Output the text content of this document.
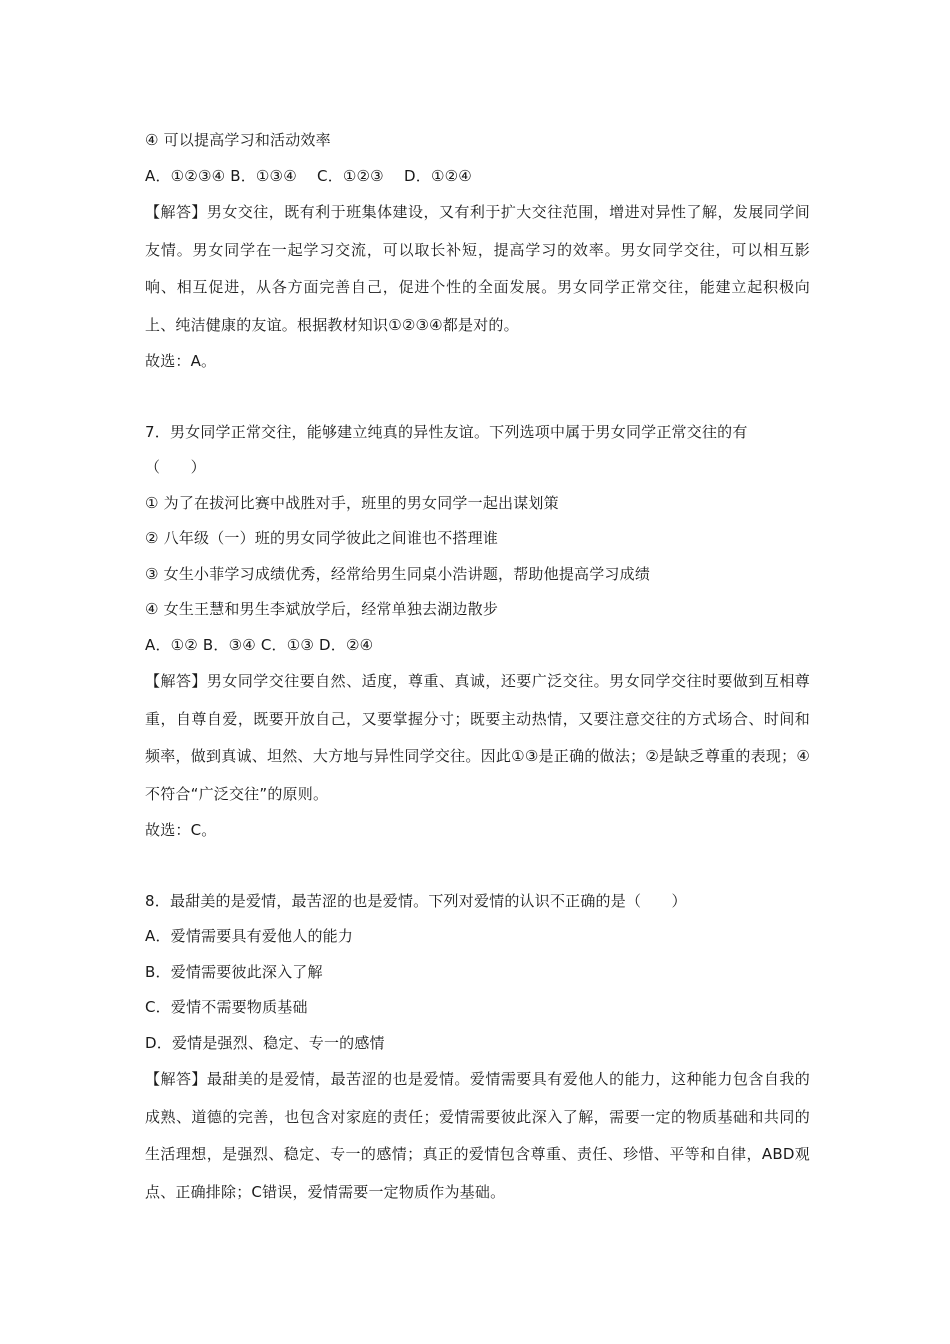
④ 可以提高学习和活动效率
A．①②③④ B．①③④　 C．①②③　 D．①②④
【解答】男女交往，既有利于班集体建设，又有利于扩大交往范围，增进对异性了解，发展同学间友情。男女同学在一起学习交流，可以取长补短，提高学习的效率。男女同学交往，可以相互影响、相互促进，从各方面完善自己，促进个性的全面发展。男女同学正常交往，能建立起积极向上、纯洁健康的友谊。根据教材知识①②③④都是对的。
故选：A。
7．男女同学正常交往，能够建立纯真的异性友谊。下列选项中属于男女同学正常交往的有
（　　）
① 为了在拔河比赛中战胜对手，班里的男女同学一起出谋划策
② 八年级（一）班的男女同学彼此之间谁也不搭理谁
③ 女生小菲学习成绩优秀，经常给男生同桌小浩讲题，帮助他提高学习成绩
④ 女生王慧和男生李斌放学后，经常单独去湖边散步
A．①② B．③④ C．①③ D．②④
【解答】男女同学交往要自然、适度，尊重、真诚，还要广泛交往。男女同学交往时要做到互相尊重，自尊自爱，既要开放自己，又要掌握分寸；既要主动热情，又要注意交往的方式场合、时间和频率，做到真诚、坦然、大方地与异性同学交往。因此①③是正确的做法；②是缺乏尊重的表现；④不符合“广泛交往”的原则。
故选：C。
8．最甜美的是爱情，最苦涩的也是爱情。下列对爱情的认识不正确的是（　　）
A．爱情需要具有爱他人的能力
B．爱情需要彼此深入了解
C．爱情不需要物质基础
D．爱情是强烈、稳定、专一的感情
【解答】最甜美的是爱情，最苦涩的也是爱情。爱情需要具有爱他人的能力，这种能力包含自我的成熟、道德的完善，也包含对家庭的责任；爱情需要彼此深入了解，需要一定的物质基础和共同的生活理想，是强烈、稳定、专一的感情；真正的爱情包含尊重、责任、珍惜、平等和自律，ABD观点、正确排除；C错误，爱情需要一定物质作为基础。
